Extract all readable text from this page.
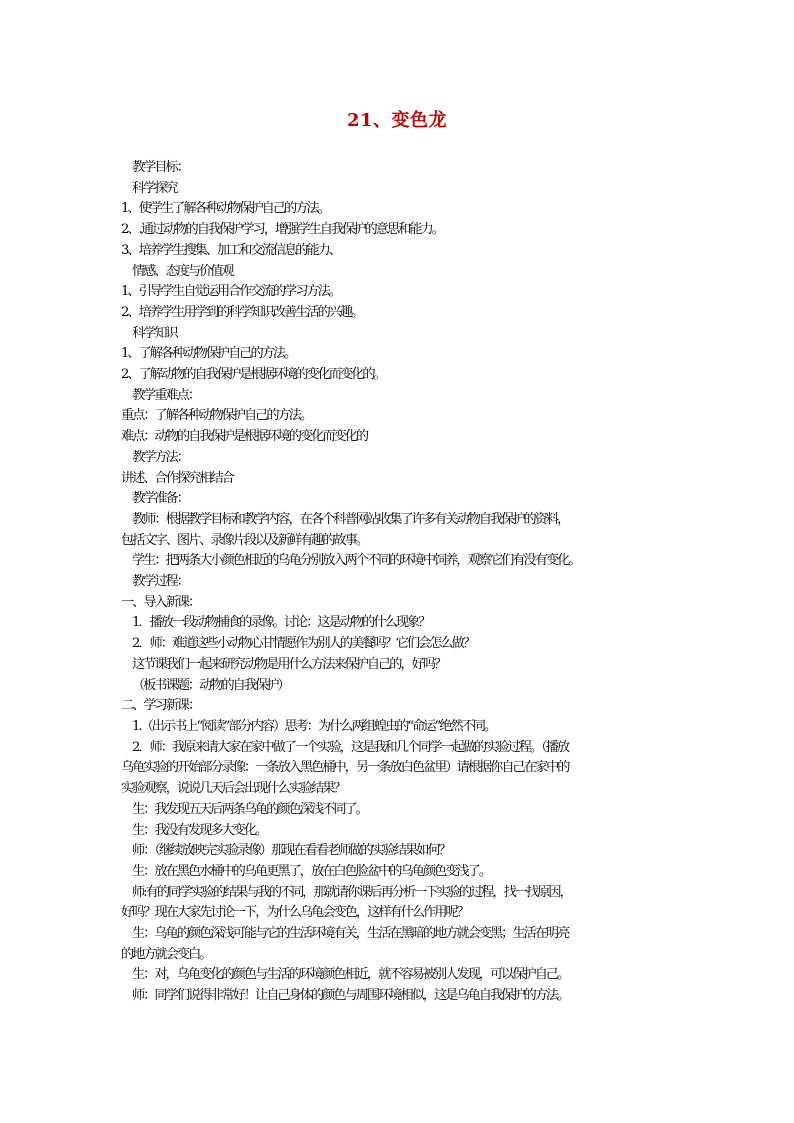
21、变色龙
教学目标：
科学探究
1、使学生了解各种动物保护自己的方法。
2、.通过动物的自我保护学习，增强学生自我保护的意思和能力。
3、培养学生搜集、加工和交流信息的能力、
情感、态度与价值观
1、引导学生自觉运用合作交流的学习方法。
2、培养学生用学到的科学知识改善生活的兴趣。
科学知识
1、了解各种动物保护自己的方法。
2、了解动物的自我保护是根据环境的变化而变化的。
教学重难点：
重点：了解各种动物保护自己的方法。
难点：动物的自我保护是根据环境的变化而变化的
教学方法：
讲述、合作探究相结合
教学准备：
教师：根据教学目标和教学内容，在各个科普网站收集了许多有关动物自我保护的资料，
包括文字、图片、录像片段以及新鲜有趣的故事。
学生：把两条大小颜色相近的乌龟分别放入两个不同的环境中饲养，观察它们有没有变化。
教学过程：
一、导入新课：
1．播放一段动物捕食的录像。讨论：这是动物的什么现象？
2．师：难道这些小动物心甘情愿作为别人的美餐吗？它们会怎么做？
这节课我们一起来研究动物是用什么方法来保护自己的，好吗？
（板书课题：动物的自我保护）
二、学习新课：
1.（出示书上“阅读”部分内容）思考：为什么两组蝗虫的“命运”绝然不同。
2．师：我原来请大家在家中做了一个实验，这是我和几个同学一起做的实验过程。（播放
乌龟实验的开始部分录像：一条放入黑色桶中，另一条放白色盆里）请根据你自己在家中的
实验观察，说说几天后会出现什么实验结果？
生：我发现五天后两条乌龟的颜色深浅不同了。
生：我没有发现多大变化。
师：（继续放映完实验录像）那现在看看老师做的实验结果如何？
生：放在黑色水桶中的乌龟更黑了，放在白色脸盆中的乌龟颜色变浅了。
师:有的同学实验的结果与我的不同，那就请你课后再分析一下实验的过程，找一找原因，
好吗？现在大家先讨论一下，为什么乌龟会变色，这样有什么作用呢？
生：乌龟的颜色深浅可能与它的生活环境有关，生活在黑暗的地方就会变黑；生活在明亮
的地方就会变白。
生：对，乌龟变化的颜色与生活的环境颜色相近，就不容易被别人发现，可以保护自己。
师：同学们说得非常好！让自己身体的颜色与周围环境相似，这是乌龟自我保护的方法。
